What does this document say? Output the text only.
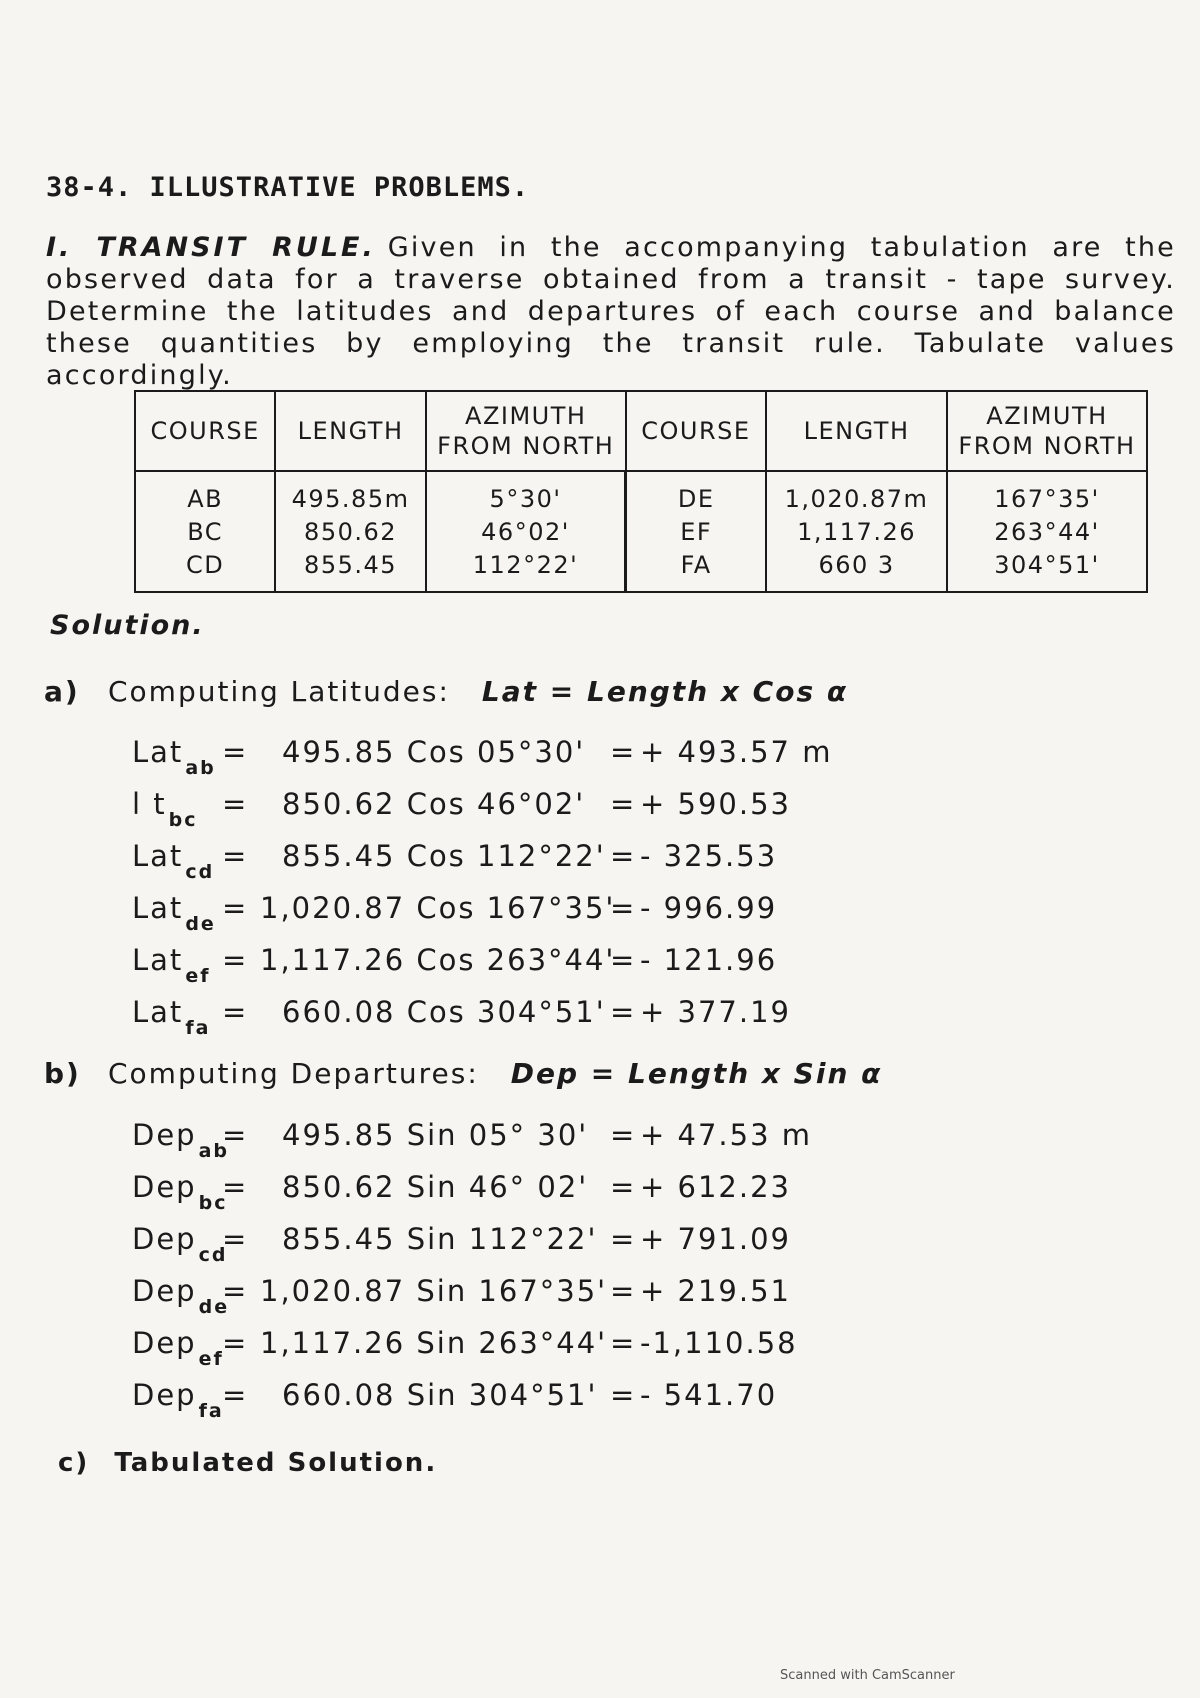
38-4. ILLUSTRATIVE PROBLEMS.
I. TRANSIT RULE. Given in the accompanying tabulation are the observed data for a traverse obtained from a transit - tape survey. Determine the latitudes and departures of each course and balance these quantities by employing the transit rule. Tabulate values accordingly.
COURSE	LENGTH	AZIMUTH FROM NORTH	COURSE	LENGTH	AZIMUTH FROM NORTH
AB	495.85m	5°30'	DE	1,020.87m	167°35'
BC	850.62	46°02'	EF	1,117.26	263°44'
CD	855.45	112°22'	FA	660 3	304°51'
Solution.
a) Computing Latitudes: Lat = Length x Cos α
Lat $_{ab}$ = 495.85 Cos 05°30' = + 493.57 m
l t $_{bc}$ = 850.62 Cos 46°02' = + 590.53
Lat $_{cd}$ = 855.45 Cos 112°22' = - 325.53
Lat $_{de}$ = 1,020.87 Cos 167°35'
= - 996.99
Lat $_{ef}$ = 1,117.26 Cos 263°44'
= - 121.96
Lat $_{fa}$ = 660.08 Cos 304°51' = + 377.19
b) Computing Departures: Dep = Length x Sin α
Dep $_{ab}$
= 495.85 Sin 05° 30' = + 47.53 m
Dep $_{bc}$
= 850.62 Sin 46° 02' = + 612.23
Dep $_{cd}$
= 855.45 Sin 112°22' = + 791.09
Dep $_{de}$
= 1,020.87 Sin 167°35' = + 219.51
Dep $_{ef}$
= 1,117.26 Sin 263°44' = -1,110.58
Dep $_{fa}$
= 660.08 Sin 304°51' = - 541.70
c) Tabulated Solution.
Scanned with CamScanner
